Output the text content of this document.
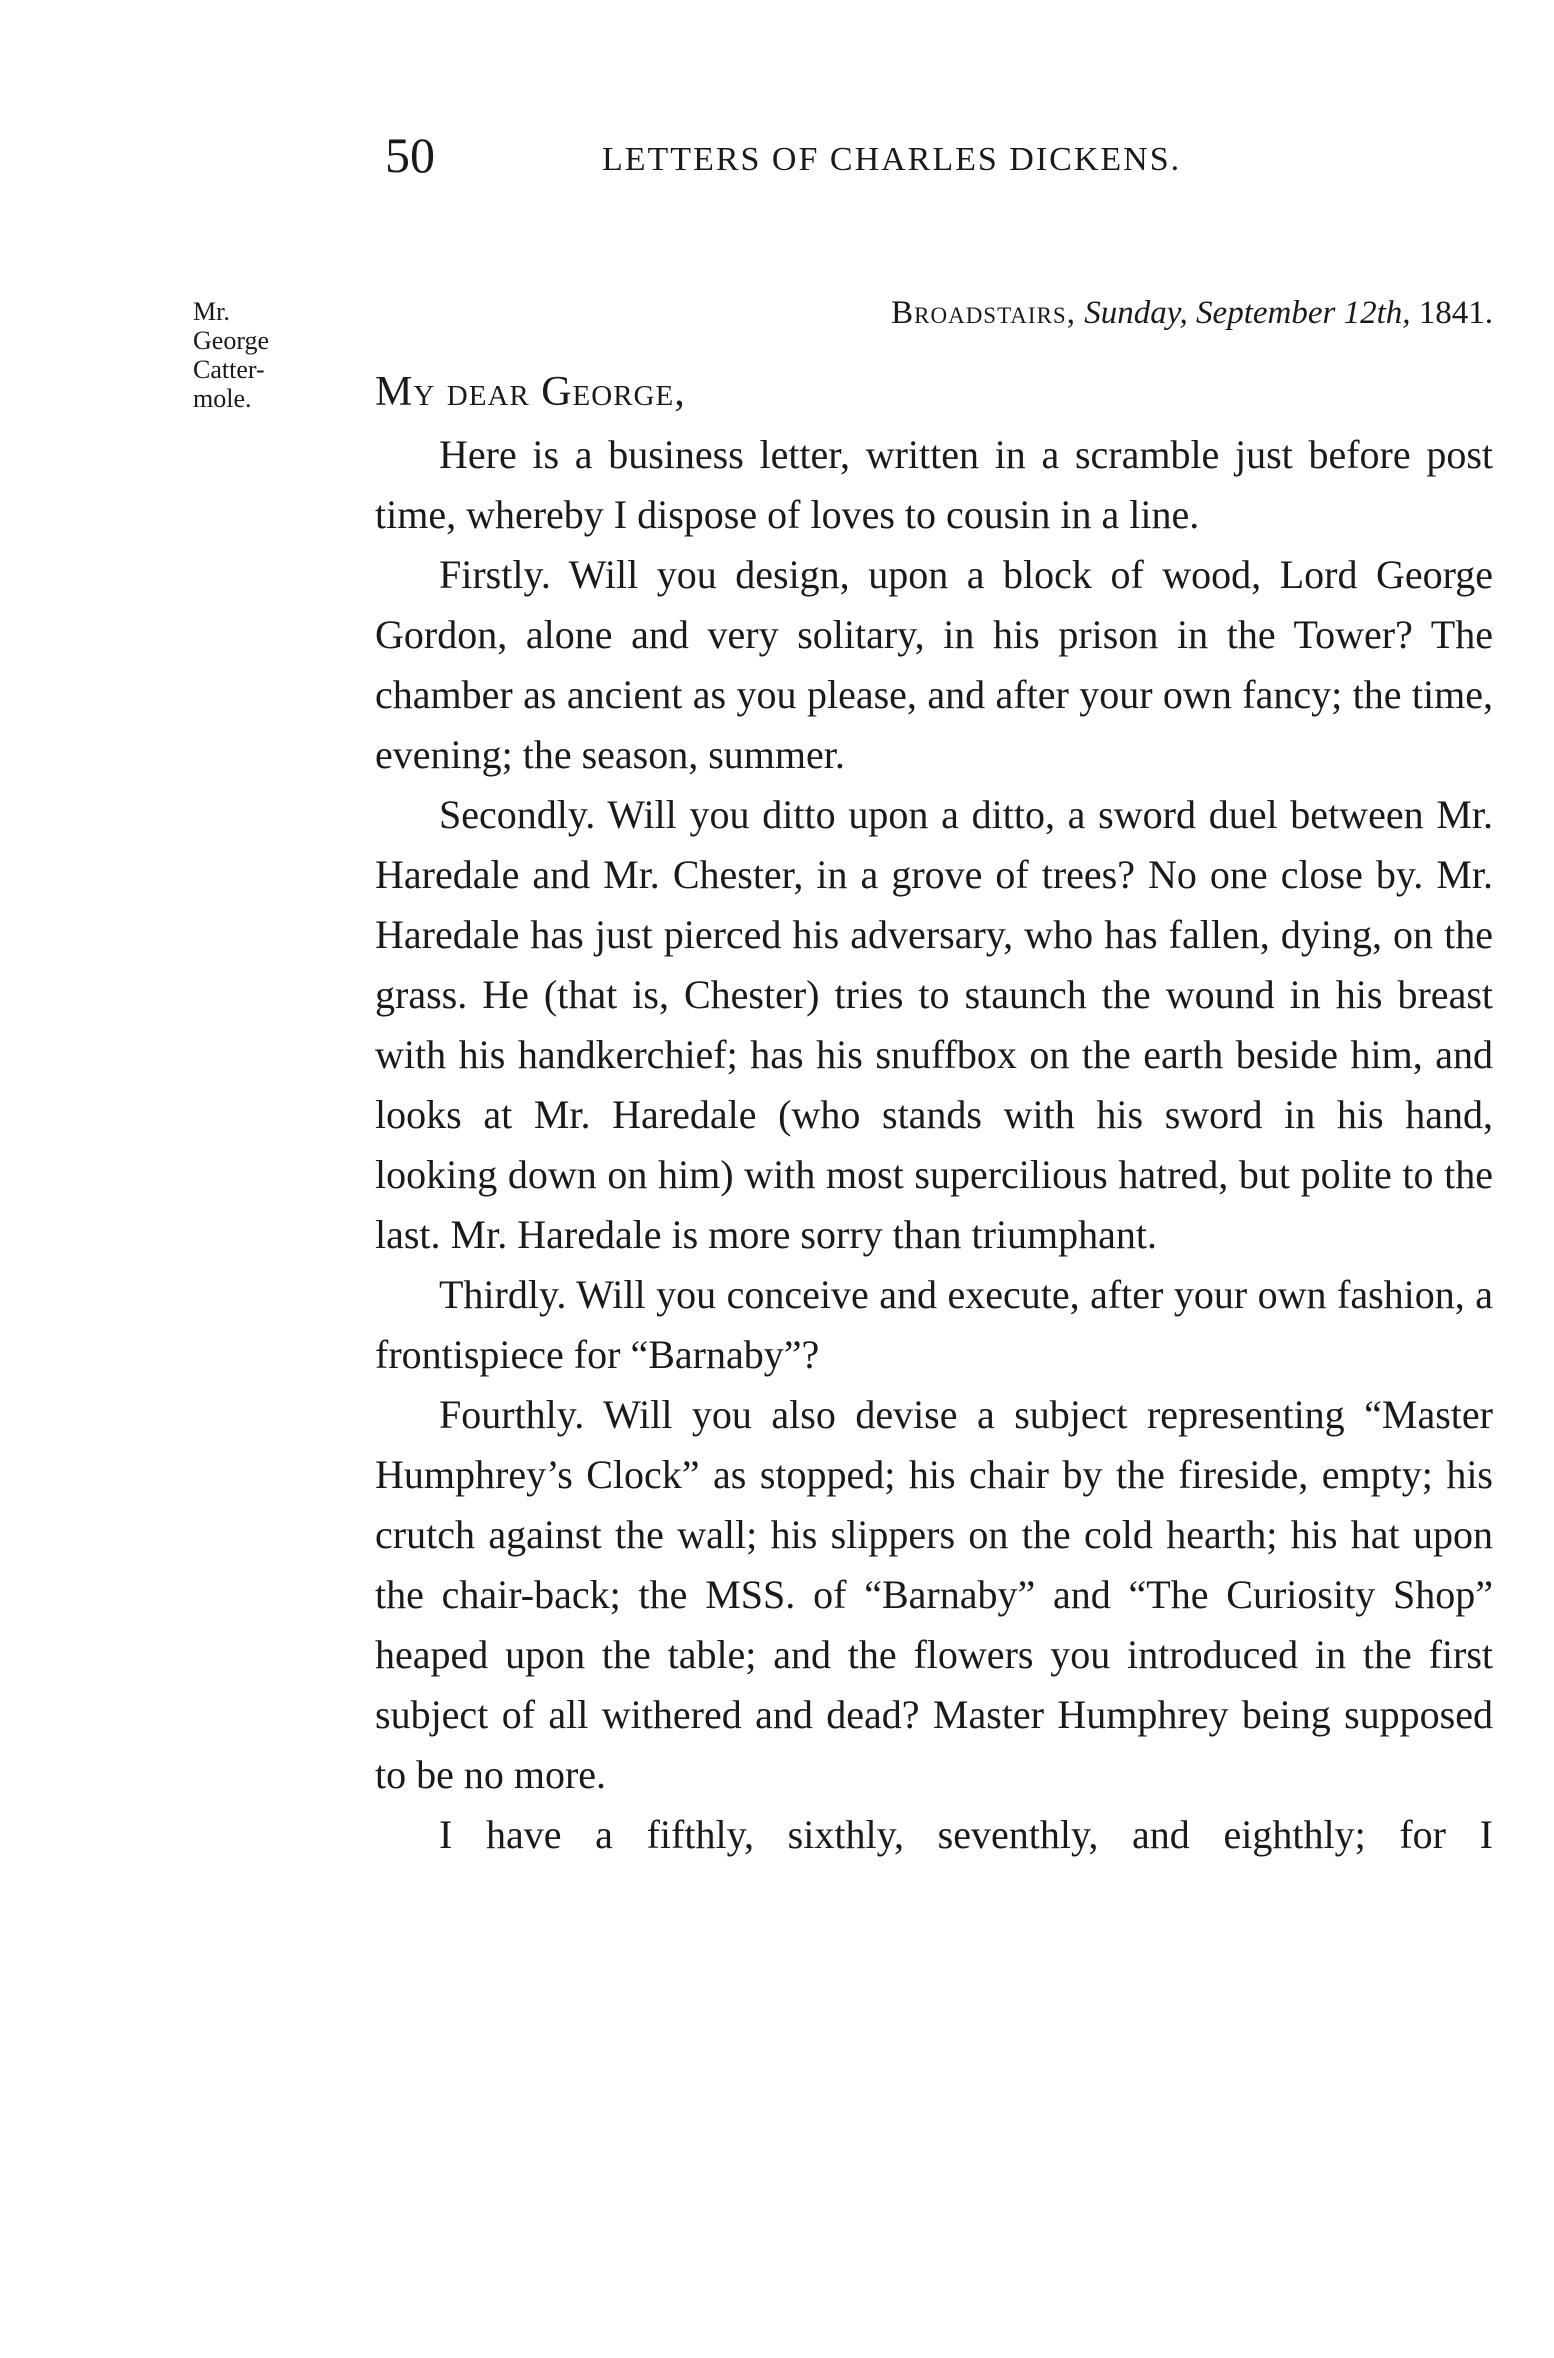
50	LETTERS OF CHARLES DICKENS.
Mr.
George
Catter-
mole.
Broadstairs, Sunday, September 12th, 1841.
My dear George,

Here is a business letter, written in a scramble just before post time, whereby I dispose of loves to cousin in a line.

Firstly. Will you design, upon a block of wood, Lord George Gordon, alone and very solitary, in his prison in the Tower? The chamber as ancient as you please, and after your own fancy; the time, evening; the season, summer.

Secondly. Will you ditto upon a ditto, a sword duel between Mr. Haredale and Mr. Chester, in a grove of trees? No one close by. Mr. Haredale has just pierced his adversary, who has fallen, dying, on the grass. He (that is, Chester) tries to staunch the wound in his breast with his handkerchief; has his snuffbox on the earth beside him, and looks at Mr. Haredale (who stands with his sword in his hand, looking down on him) with most supercilious hatred, but polite to the last. Mr. Haredale is more sorry than triumphant.

Thirdly. Will you conceive and execute, after your own fashion, a frontispiece for “Barnaby”?

Fourthly. Will you also devise a subject representing “Master Humphrey’s Clock” as stopped; his chair by the fireside, empty; his crutch against the wall; his slippers on the cold hearth; his hat upon the chair-back; the MSS. of “Barnaby” and “The Curiosity Shop” heaped upon the table; and the flowers you introduced in the first subject of all withered and dead? Master Humphrey being supposed to be no more.

I have a fifthly, sixthly, seventhly, and eighthly; for I
